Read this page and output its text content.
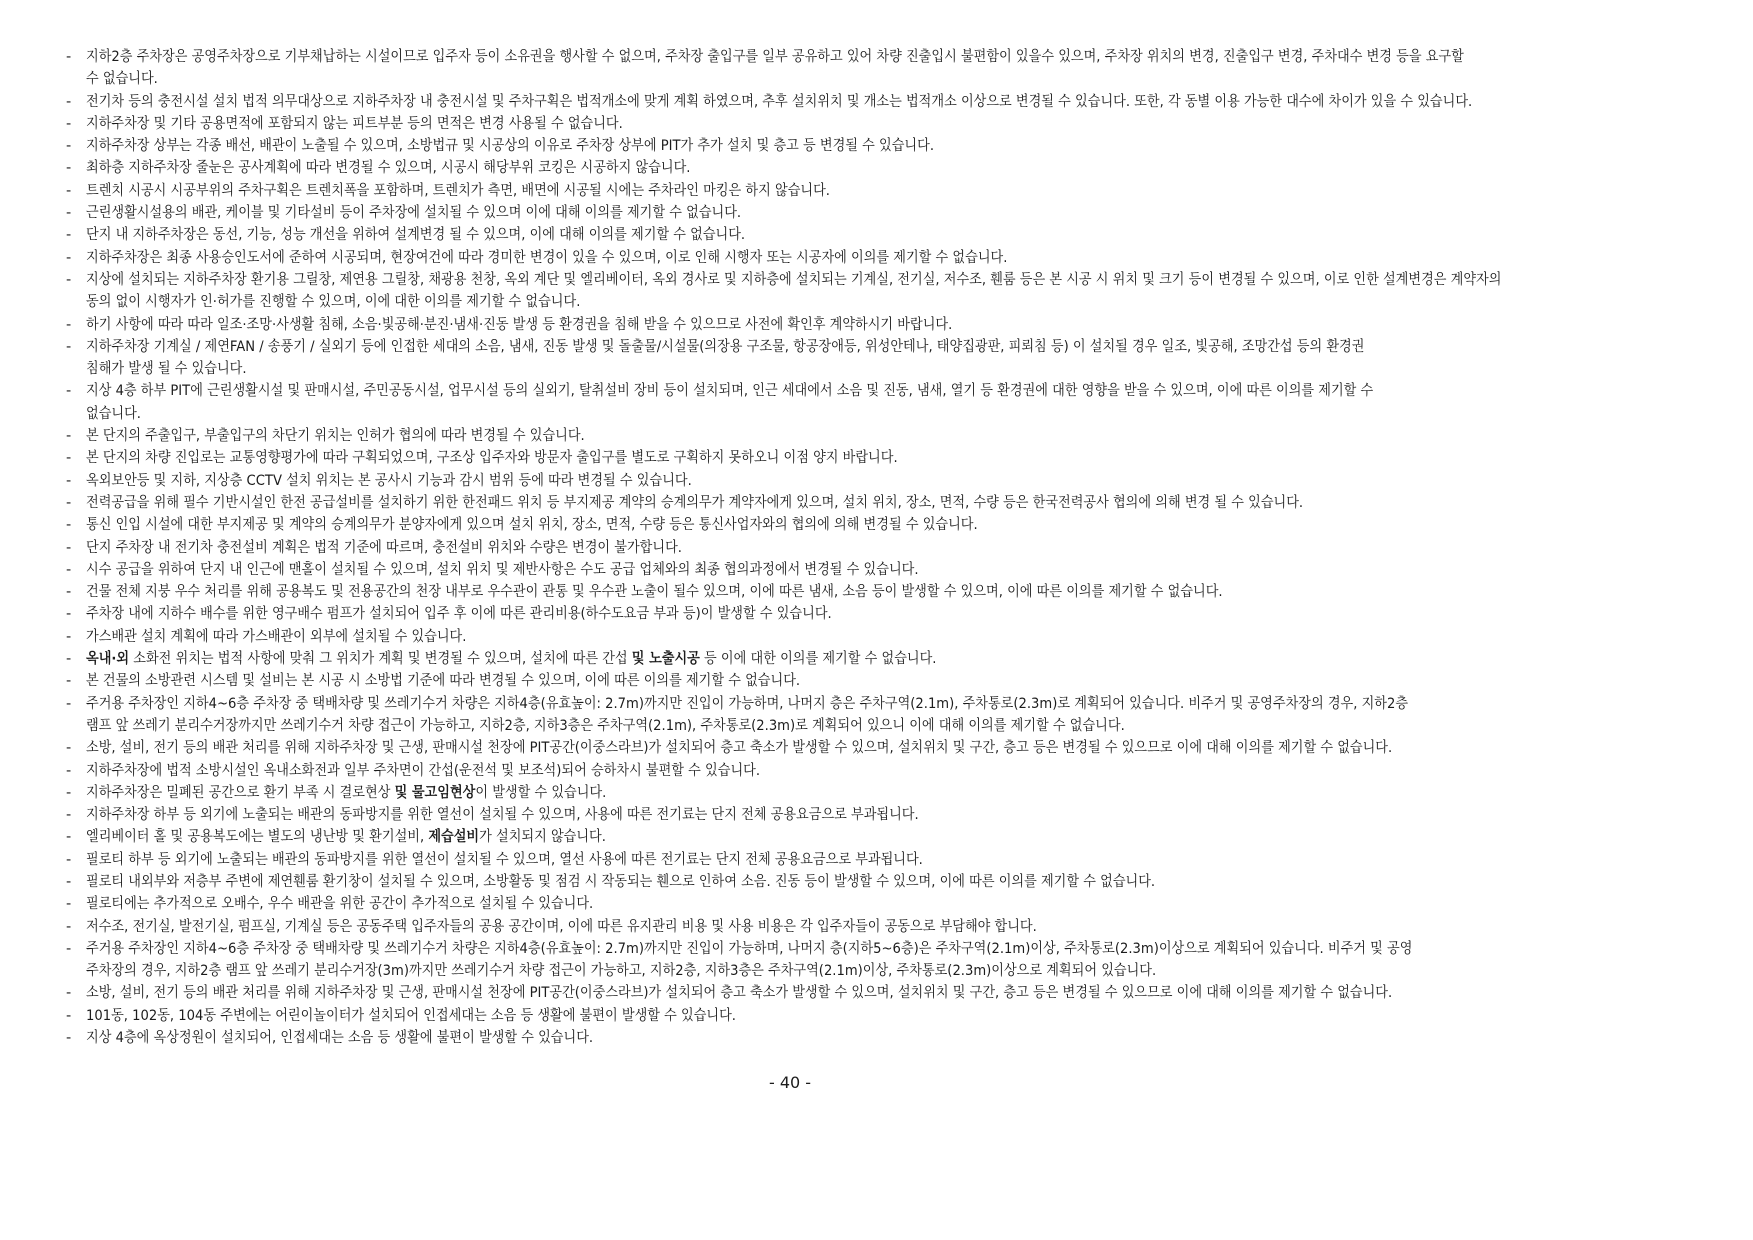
- 지하2층 주차장은 공영주차장으로 기부채납하는 시설이므로 입주자 등이 소유권을 행사할 수 없으며, 주차장 출입구를 일부 공유하고 있어 차량 진출입시 불편함이 있을수 있으며, 주차장 위치의 변경, 진출입구 변경, 주차대수 변경 등을 요구할
수 없습니다.
- 전기차 등의 충전시설 설치 법적 의무대상으로 지하주차장 내 충전시설 및 주차구획은 법적개소에 맞게 계획 하였으며, 추후 설치위치 및 개소는 법적개소 이상으로 변경될 수 있습니다. 또한, 각 동별 이용 가능한 대수에 차이가 있을 수 있습니다.
- 지하주차장 및 기타 공용면적에 포함되지 않는 피트부분 등의 면적은 변경 사용될 수 없습니다.
- 지하주차장 상부는 각종 배선, 배관이 노출될 수 있으며, 소방법규 및 시공상의 이유로 주차장 상부에 PIT가 추가 설치 및 층고 등 변경될 수 있습니다.
- 최하층 지하주차장 줄눈은 공사계획에 따라 변경될 수 있으며, 시공시 해당부위 코킹은 시공하지 않습니다.
- 트렌치 시공시 시공부위의 주차구획은 트렌치폭을 포함하며, 트렌치가 측면, 배면에 시공될 시에는 주차라인 마킹은 하지 않습니다.
- 근린생활시설용의 배관, 케이블 및 기타설비 등이 주차장에 설치될 수 있으며 이에 대해 이의를 제기할 수 없습니다.
- 단지 내 지하주차장은 동선, 기능, 성능 개선을 위하여 설계변경 될 수 있으며, 이에 대해 이의를 제기할 수 없습니다.
- 지하주차장은 최종 사용승인도서에 준하여 시공되며, 현장여건에 따라 경미한 변경이 있을 수 있으며, 이로 인해 시행자 또는 시공자에 이의를 제기할 수 없습니다.
- 지상에 설치되는 지하주차장 환기용 그릴창, 제연용 그릴창, 채광용 천창, 옥외 계단 및 엘리베이터, 옥외 경사로 및 지하층에 설치되는 기계실, 전기실, 저수조, 휀룸 등은 본 시공 시 위치 및 크기 등이 변경될 수 있으며, 이로 인한 설계변경은 계약자의
동의 없이 시행자가 인·허가를 진행할 수 있으며, 이에 대한 이의를 제기할 수 없습니다.
- 하기 사항에 따라 따라 일조·조망·사생활 침해, 소음·빛공해·분진·냄새·진동 발생 등 환경권을 침해 받을 수 있으므로 사전에 확인후 계약하시기 바랍니다.
- 지하주차장 기계실 / 제연FAN / 송풍기 / 실외기 등에 인접한 세대의 소음, 냄새, 진동 발생 및 돌출물/시설물(의장용 구조물, 항공장애등, 위성안테나, 태양집광판, 피뢰침 등) 이 설치될 경우 일조, 빛공해, 조망간섭 등의 환경권
침해가 발생 될 수 있습니다.
- 지상 4층 하부 PIT에 근린생활시설 및 판매시설, 주민공동시설, 업무시설 등의 실외기, 탈취설비 장비 등이 설치되며, 인근 세대에서 소음 및 진동, 냄새, 열기 등 환경권에 대한 영향을 받을 수 있으며, 이에 따른 이의를 제기할 수
없습니다.
- 본 단지의 주출입구, 부출입구의 차단기 위치는 인허가 협의에 따라 변경될 수 있습니다.
- 본 단지의 차량 진입로는 교통영향평가에 따라 구획되었으며, 구조상 입주자와 방문자 출입구를 별도로 구획하지 못하오니 이점 양지 바랍니다.
- 옥외보안등 및 지하, 지상층 CCTV 설치 위치는 본 공사시 기능과 감시 범위 등에 따라 변경될 수 있습니다.
- 전력공급을 위해 필수 기반시설인 한전 공급설비를 설치하기 위한 한전패드 위치 등 부지제공 계약의 승계의무가 계약자에게 있으며, 설치 위치, 장소, 면적, 수량 등은 한국전력공사 협의에 의해 변경 될 수 있습니다.
- 통신 인입 시설에 대한 부지제공 및 계약의 승계의무가 분양자에게 있으며 설치 위치, 장소, 면적, 수량 등은 통신사업자와의 협의에 의해 변경될 수 있습니다.
- 단지 주차장 내 전기차 충전설비 계획은 법적 기준에 따르며, 충전설비 위치와 수량은 변경이 불가합니다.
- 시수 공급을 위하여 단지 내 인근에 맨홀이 설치될 수 있으며, 설치 위치 및 제반사항은 수도 공급 업체와의 최종 협의과정에서 변경될 수 있습니다.
- 건물 전체 지붕 우수 처리를 위해 공용복도 및 전용공간의 천장 내부로 우수관이 관통 및 우수관 노출이 될수 있으며, 이에 따른 냄새, 소음 등이 발생할 수 있으며, 이에 따른 이의를 제기할 수 없습니다.
- 주차장 내에 지하수 배수를 위한 영구배수 펌프가 설치되어 입주 후 이에 따른 관리비용(하수도요금 부과 등)이 발생할 수 있습니다.
- 가스배관 설치 계획에 따라 가스배관이 외부에 설치될 수 있습니다.
- 옥내·외 소화전 위치는 법적 사항에 맞춰 그 위치가 계획 및 변경될 수 있으며, 설치에 따른 간섭 및 노출시공 등 이에 대한 이의를 제기할 수 없습니다.
- 본 건물의 소방관련 시스템 및 설비는 본 시공 시 소방법 기준에 따라 변경될 수 있으며, 이에 따른 이의를 제기할 수 없습니다.
- 주거용 주차장인 지하4~6층 주차장 중 택배차량 및 쓰레기수거 차량은 지하4층(유효높이: 2.7m)까지만 진입이 가능하며, 나머지 층은 주차구역(2.1m), 주차통로(2.3m)로 계획되어 있습니다. 비주거 및 공영주차장의 경우, 지하2층
램프 앞 쓰레기 분리수거장까지만 쓰레기수거 차량 접근이 가능하고, 지하2층, 지하3층은 주차구역(2.1m), 주차통로(2.3m)로 계획되어 있으니 이에 대해 이의를 제기할 수 없습니다.
- 소방, 설비, 전기 등의 배관 처리를 위해 지하주차장 및 근생, 판매시설 천장에 PIT공간(이중스라브)가 설치되어 층고 축소가 발생할 수 있으며, 설치위치 및 구간, 층고 등은 변경될 수 있으므로 이에 대해 이의를 제기할 수 없습니다.
- 지하주차장에 법적 소방시설인 옥내소화전과 일부 주차면이 간섭(운전석 및 보조석)되어 승하차시 불편할 수 있습니다.
- 지하주차장은 밀폐된 공간으로 환기 부족 시 결로현상 및 물고임현상이 발생할 수 있습니다.
- 지하주차장 하부 등 외기에 노출되는 배관의 동파방지를 위한 열선이 설치될 수 있으며, 사용에 따른 전기료는 단지 전체 공용요금으로 부과됩니다.
- 엘리베이터 홀 및 공용복도에는 별도의 냉난방 및 환기설비, 제습설비가 설치되지 않습니다.
- 필로티 하부 등 외기에 노출되는 배관의 동파방지를 위한 열선이 설치될 수 있으며, 열선 사용에 따른 전기료는 단지 전체 공용요금으로 부과됩니다.
- 필로티 내외부와 저층부 주변에 제연휀룸 환기창이 설치될 수 있으며, 소방활동 및 점검 시 작동되는 휀으로 인하여 소음. 진동 등이 발생할 수 있으며, 이에 따른 이의를 제기할 수 없습니다.
- 필로티에는 추가적으로 오배수, 우수 배관을 위한 공간이 추가적으로 설치될 수 있습니다.
- 저수조, 전기실, 발전기실, 펌프실, 기계실 등은 공동주택 입주자들의 공용 공간이며, 이에 따른 유지관리 비용 및 사용 비용은 각 입주자들이 공동으로 부담해야 합니다.
- 주거용 주차장인 지하4~6층 주차장 중 택배차량 및 쓰레기수거 차량은 지하4층(유효높이: 2.7m)까지만 진입이 가능하며, 나머지 층(지하5~6층)은 주차구역(2.1m)이상, 주차통로(2.3m)이상으로 계획되어 있습니다. 비주거 및 공영
주차장의 경우, 지하2층 램프 앞 쓰레기 분리수거장(3m)까지만 쓰레기수거 차량 접근이 가능하고, 지하2층, 지하3층은 주차구역(2.1m)이상, 주차통로(2.3m)이상으로 계획되어 있습니다.
- 소방, 설비, 전기 등의 배관 처리를 위해 지하주차장 및 근생, 판매시설 천장에 PIT공간(이중스라브)가 설치되어 층고 축소가 발생할 수 있으며, 설치위치 및 구간, 층고 등은 변경될 수 있으므로 이에 대해 이의를 제기할 수 없습니다.
- 101동, 102동, 104동 주변에는 어린이놀이터가 설치되어 인접세대는 소음 등 생활에 불편이 발생할 수 있습니다.
- 지상 4층에 옥상정원이 설치되어, 인접세대는 소음 등 생활에 불편이 발생할 수 있습니다.
- 40 -
